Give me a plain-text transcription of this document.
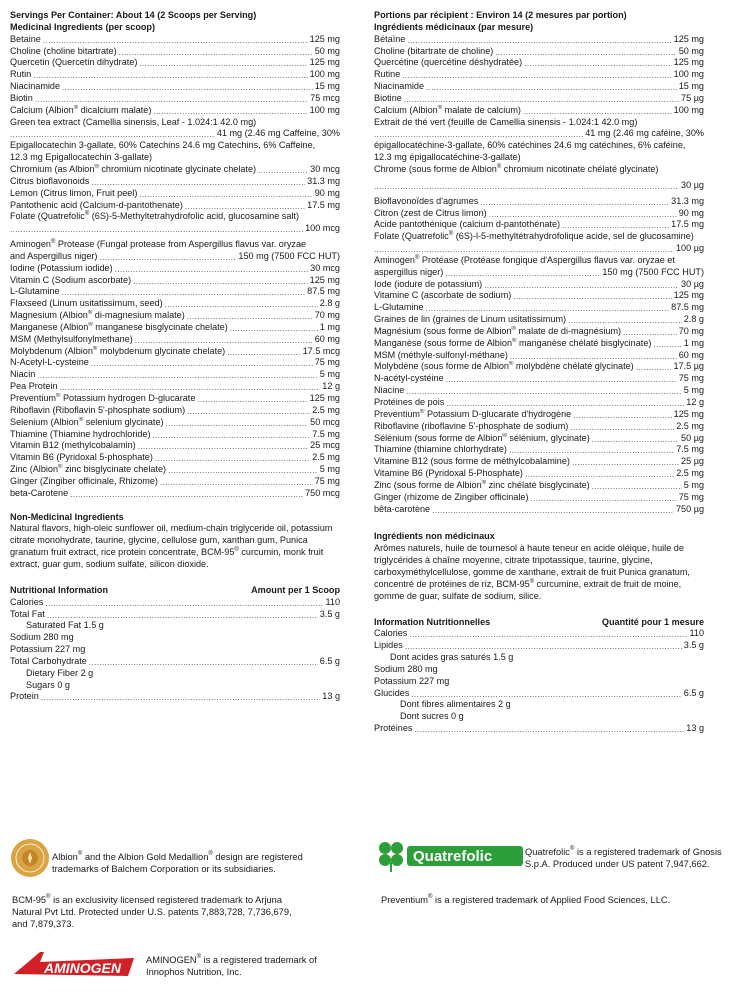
Servings Per Container: About 14 (2 Scoops per Serving)
Medicinal Ingredients (per scoop)
Betaine .....	125 mg
Choline (choline bitartrate) .....	50 mg
Quercetin (Quercetin dihydrate) .....	125 mg
Rutin .....	100 mg
Niacinamide .....	15 mg
Biotin .....	75 mcg
Calcium (Albion® dicalcium malate) .....	100 mg
Green tea extract (Camellia sinensis, Leaf - 1.024:1 42.0 mg)
.....
41 mg (2.46 mg Caffeine, 30%
Epigallocatechin 3-gallate, 60% Catechins 24.6 mg Catechins, 6% Caffeine,
12.3 mg Epigallocatechin 3-gallate)
Chromium (as Albion® chromium nicotinate glycinate chelate) .....	30 mcg
Citrus bioflavonoids .....	31.3 mg
Lemon (Citrus limon, Fruit peel) .....	90 mg
Pantothenic acid (Calcium-d-pantothenate) .....	17.5 mg
Folate (Quatrefolic® (6S)-5-Methyltetrahydrofolic acid, glucosamine salt)
.....
100 mcg
Aminogen® Protease (Fungal protease from Aspergillus flavus var. oryzae
and Aspergillus niger) .....	150 mg (7500 FCC HUT)
Iodine (Potassium iodide) .....	30 mcg
Vitamin C (Sodium ascorbate) .....	125 mg
L-Glutamine .....	87.5 mg
Flaxseed (Linum usitatissimum, seed) .....	2.8 g
Magnesium (Albion® di-magnesium malate) .....	70 mg
Manganese (Albion® manganese bisglycinate chelate) .....	1 mg
MSM (Methylsulfonylmethane) .....	60 mg
Molybdenum (Albion® molybdenum glycinate chelate) .....	17.5 mcg
N-Acetyl-L-cysteine .....	75 mg
Niacin .....	5 mg
Pea Protein .....	12 g
Preventium® Potassium hydrogen D-glucarate .....	125 mg
Riboflavin (Riboflavin 5'-phosphate sodium) .....	2.5 mg
Selenium (Albion® selenium glycinate) .....	50 mcg
Thiamine (Thiamine hydrochloride) .....	7.5 mg
Vitamin B12 (methylcobalamin) .....	25 mcg
Vitamin B6 (Pyridoxal 5-phosphate) .....	2.5 mg
Zinc (Albion® zinc bisglycinate chelate) .....	5 mg
Ginger (Zingiber officinale, Rhizome) .....	75 mg
beta-Carotene .....	750 mcg
Non-Medicinal Ingredients
Natural flavors, high-oleic sunflower oil, medium-chain triglyceride oil, potassium citrate monohydrate, taurine, glycine, cellulose gum, xanthan gum, Punica granatum fruit extract, rice protein concentrate, BCM-95® curcumin, monk fruit extract, guar gum, sodium sulfate, silicon dioxide.
Nutritional Information	Amount per 1 Scoop
Calories .....	110
Total Fat .....	3.5 g
Saturated Fat 1.5 g
Sodium 280 mg
Potassium 227 mg
Total Carbohydrate .....	6.5 g
Dietary Fiber 2 g
Sugars 0 g
Protein .....	13 g
Portions par récipient : Environ 14 (2 mesures par portion)
Ingrédients médicinaux (par mesure)
Bétaïne .....	125 mg
Choline (bitartrate de choline) .....	50 mg
Quercétine (quercétine déshydratée) .....	125 mg
Rutine .....	100 mg
Niacinamide .....	15 mg
Biotine .....	75 µg
Calcium (Albion® malate de calcium) .....	100 mg
Extrait de thé vert (feuille de Camellia sinensis - 1.024:1 42.0 mg)
.....
41 mg (2.46 mg caféine, 30%
épigallocatéchine-3-gallate, 60% catéchines 24.6 mg catéchines, 6% caféine,
12.3 mg épigallocatéchine-3-gallate)
Chrome (sous forme de Albion® chromium nicotinate chélaté glycinate)
.....
30 µg
Bioflavonoïdes d'agrumes .....	31.3 mg
Citron (zest de Citrus limon) .....	90 mg
Acide pantothénique (calcium d-pantothénate) .....	17.5 mg
Folate (Quatrefolic® (6S)-l-5-methyltétrahydrofolique acide, sel de glucosamine)
.....
100 µg
Aminogen® Protéase (Protéase fongique d'Aspergillus flavus var. oryzae et
aspergillus niger) .....	150 mg (7500 FCC HUT)
Iode (iodure de potassium) .....	30 µg
Vitamine C (ascorbate de sodium) .....	125 mg
L-Glutamine .....	87.5 mg
Graines de lin (graines de Linum usitatissimum) .....	2.8 g
Magnésium (sous forme de Albion® malate de di-magnésium) .....	70 mg
Manganèse (sous forme de Albion® manganèse chélaté bisglycinate) .....	1 mg
MSM (méthyle-sulfonyl-méthane) .....	60 mg
Molybdène (sous forme de Albion® molybdène chélaté glycinate) .....	17.5 µg
N-acétyl-cystéine .....	75 mg
Niacine .....	5 mg
Protéines de pois .....	12 g
Preventium® Potassium D-glucarate d'hydrogène .....	125 mg
Riboflavine (riboflavine 5'-phosphate de sodium) .....	2.5 mg
Sélénium (sous forme de Albion® sélénium, glycinate) .....	50 µg
Thiamine (thiamine chlorhydrate) .....	7.5 mg
Vitamine B12 (sous forme de méthylcobalamine) .....	25 µg
Vitamine B6 (Pyridoxal 5-Phosphate) .....	2.5 mg
Zinc (sous forme de Albion® zinc chélaté bisglycinate) .....	5 mg
Ginger (rhizome de Zingiber officinale) .....	75 mg
bêta-carotène .....	750 µg
Ingrédients non médicinaux
Arômes naturels, huile de tournesol à haute teneur en acide oléique, huile de triglycérides à chaîne moyenne, citrate tripotassique, taurine, glycine, carboxyméthylcellulose, gomme de xanthane, extrait de fruit Punica granatum, concentré de protéines de riz, BCM-95® curcumine, extrait de fruit de moine, gomme de guar, sulfate de sodium, silice.
Information Nutritionnelles	Quantité pour 1 mesure
Calories .....	110
Lipides .....	3.5 g
Dont acides gras saturés 1.5 g
Sodium 280 mg
Potassium 227 mg
Glucides .....	6.5 g
Dont fibres alimentaires 2 g
Dont sucres 0 g
Protéines .....	13 g
Albion® and the Albion Gold Medallion® design are registered trademarks of Balchem Corporation or its subsidiaries.
BCM-95® is an exclusivity licensed registered trademark to Arjuna Natural Pvt Ltd. Protected under U.S. patents 7,883,728, 7,736,679, and 7,879,373.
AMINOGEN	AMINOGEN® is a registered trademark of Innophos Nutrition, Inc.
Quatrefolic	Quatrefolic® is a registered trademark of Gnosis S.p.A. Produced under US patent 7,947,662.
Preventium® is a registered trademark of Applied Food Sciences, LLC.
